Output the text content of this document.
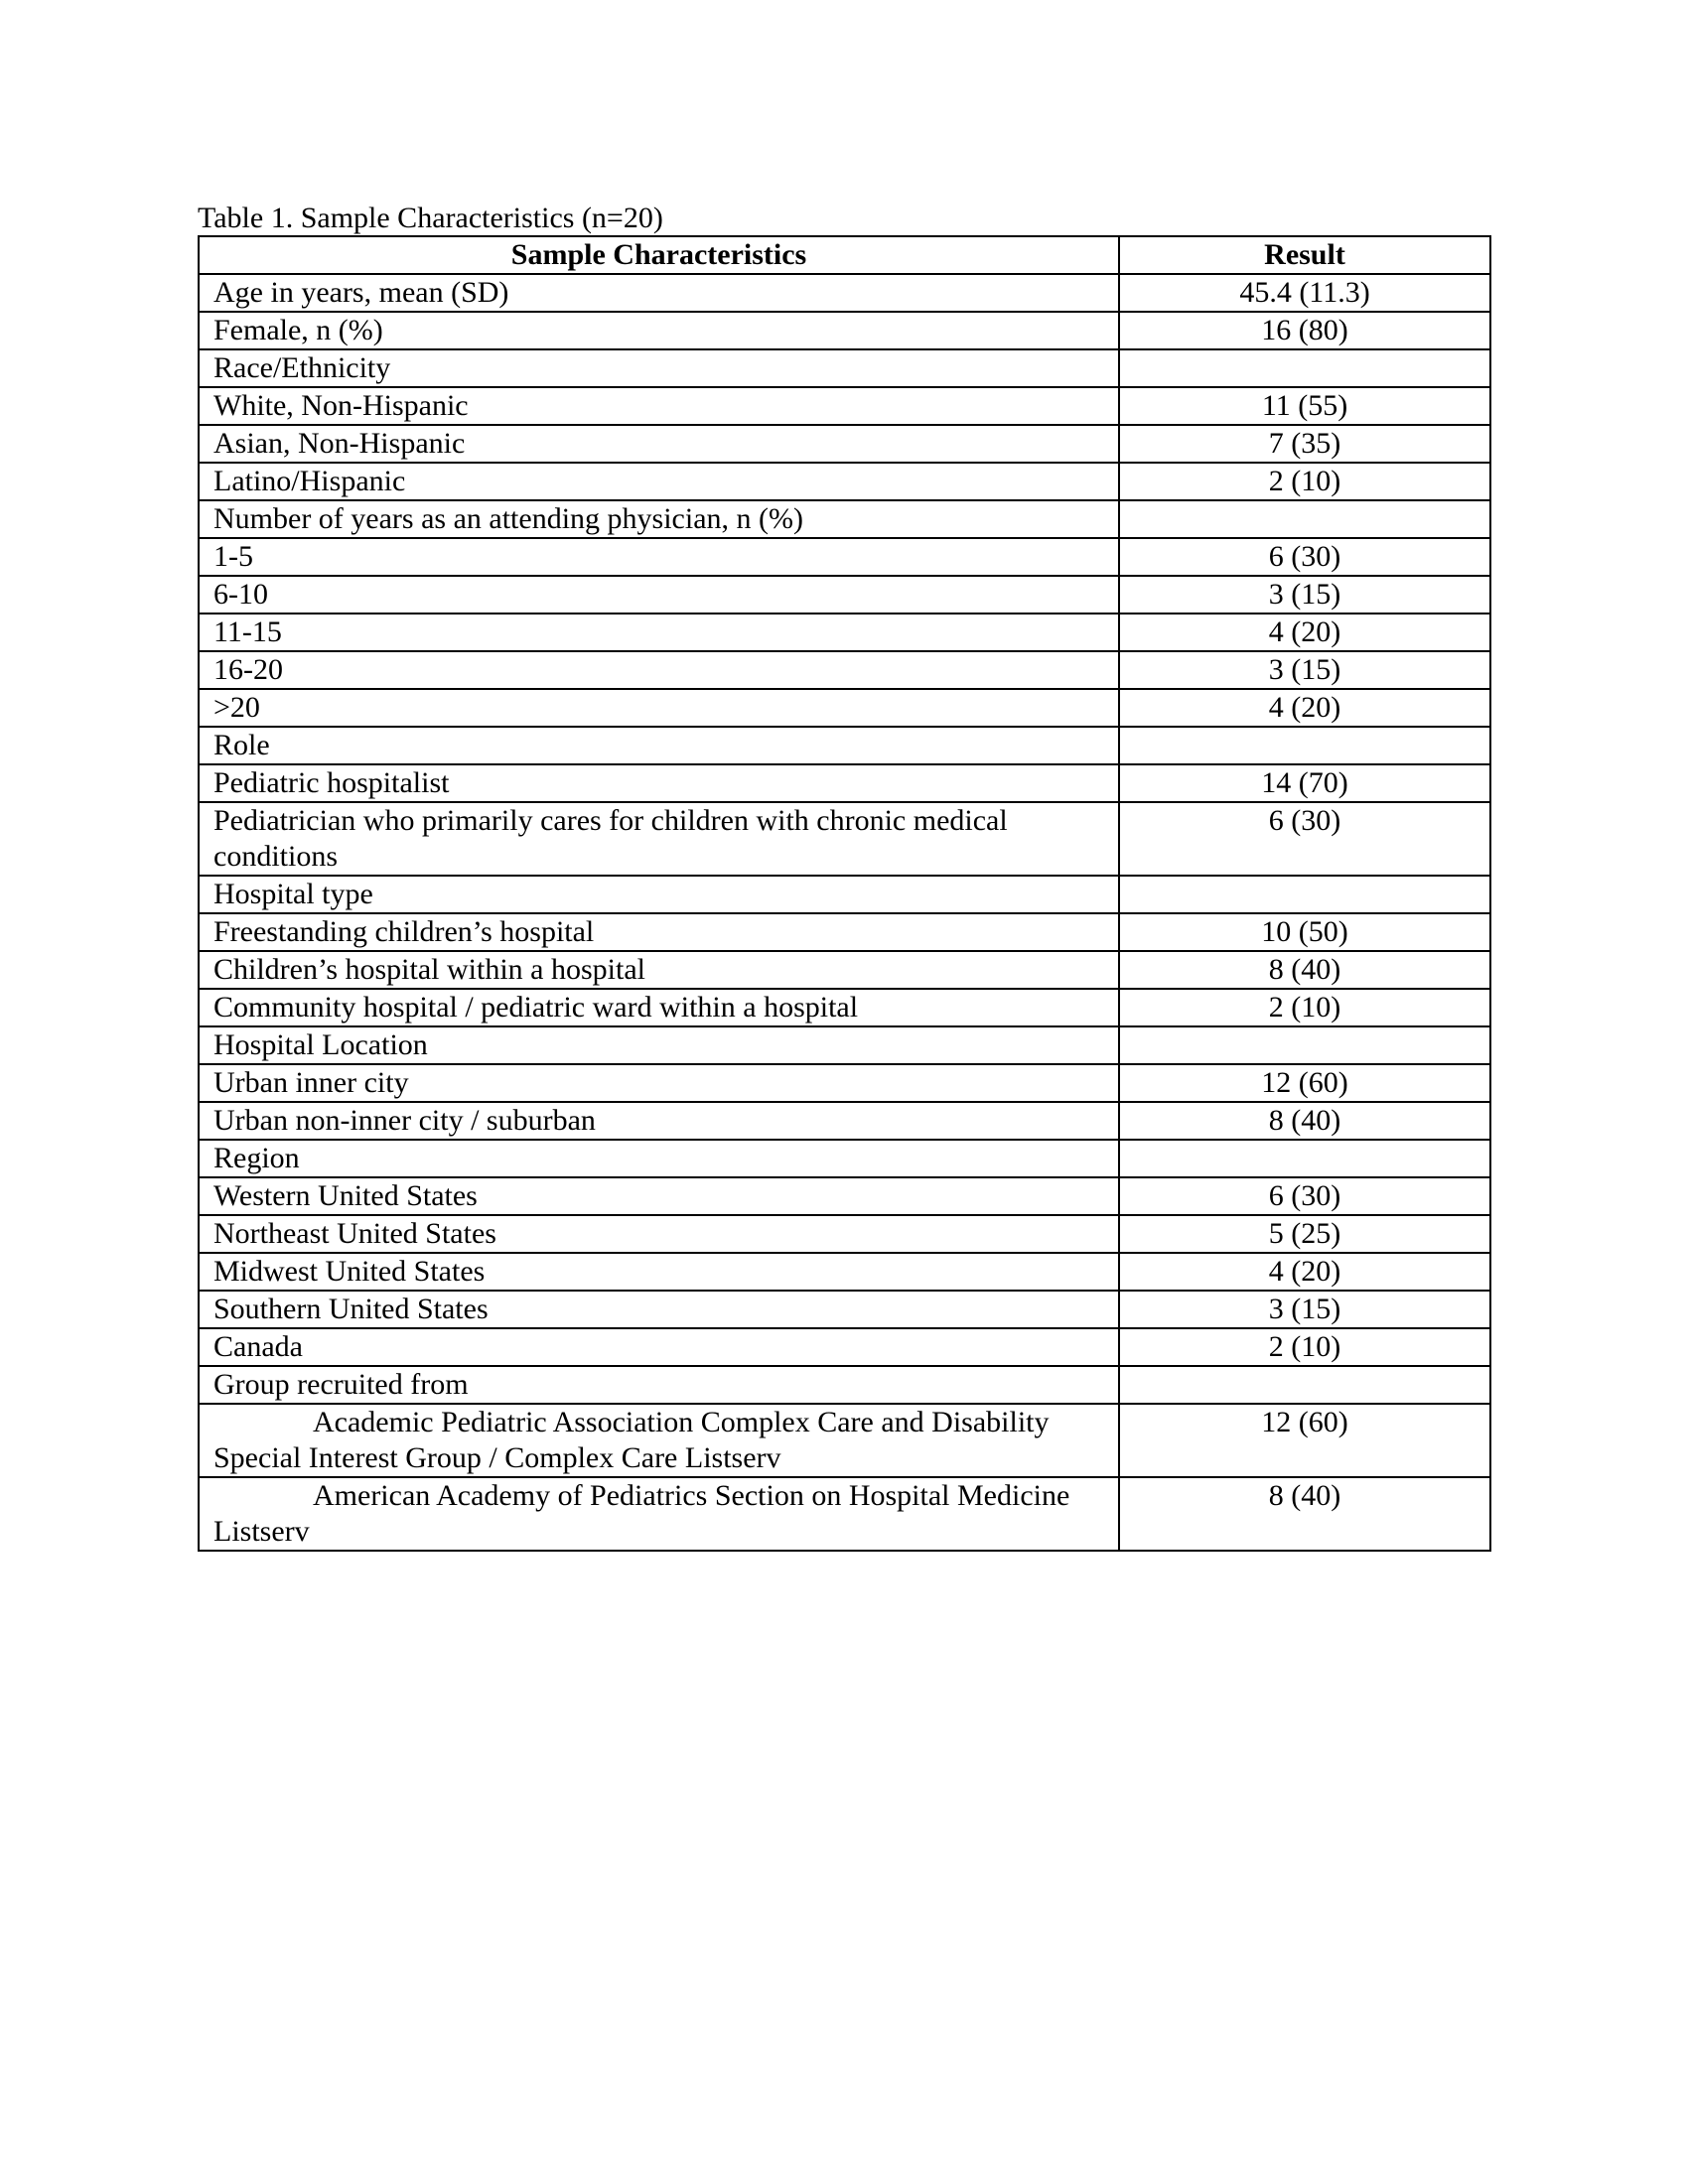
Table 1. Sample Characteristics (n=20)
Sample Characteristics	Result
Age in years, mean (SD)	45.4 (11.3)
Female, n (%)	16 (80)
Race/Ethnicity	
White, Non-Hispanic	11 (55)
Asian, Non-Hispanic	7 (35)
Latino/Hispanic	2 (10)
Number of years as an attending physician, n (%)	
1-5	6 (30)
6-10	3 (15)
11-15	4 (20)
16-20	3 (15)
>20	4 (20)
Role	
Pediatric hospitalist	14 (70)
Pediatrician who primarily cares for children with chronic medical conditions	6 (30)
Hospital type	
Freestanding children’s hospital	10 (50)
Children’s hospital within a hospital	8 (40)
Community hospital / pediatric ward within a hospital	2 (10)
Hospital Location	
Urban inner city	12 (60)
Urban non-inner city / suburban	8 (40)
Region	
Western United States	6 (30)
Northeast United States	5 (25)
Midwest United States	4 (20)
Southern United States	3 (15)
Canada	2 (10)
Group recruited from	
Academic Pediatric Association Complex Care and Disability Special Interest Group / Complex Care Listserv	12 (60)
American Academy of Pediatrics Section on Hospital Medicine Listserv	8 (40)
